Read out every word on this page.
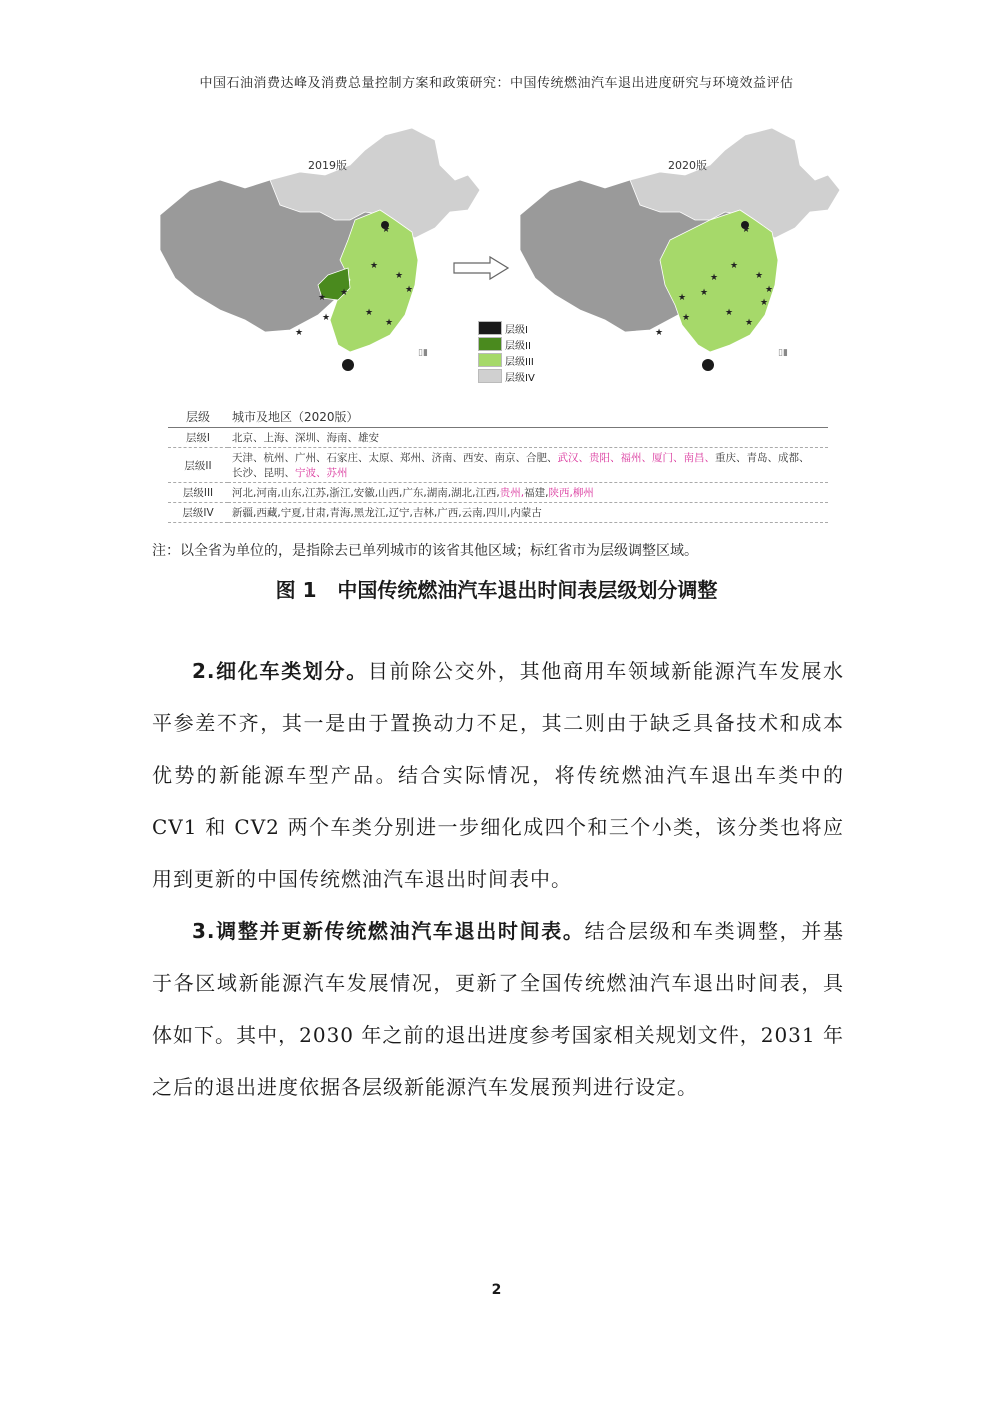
中国石油消费达峰及消费总量控制方案和政策研究：中国传统燃油汽车退出进度研究与环境效益评估
★
★
★
★
★
★
★
★
★
★
▯▮
2019版
层级I
层级II
层级III
层级IV
★
★
★
★
★
★
★
★
★
★
★
★
▯▮
2020版
层级	城市及地区（2020版）
层级I	北京、上海、深圳、海南、雄安
层级II	天津、杭州、广州、石家庄、太原、郑州、济南、西安、南京、合肥、武汉、贵阳、福州、厦门、南昌、重庆、青岛、成都、长沙、昆明、宁波、苏州
层级III	河北,河南,山东,江苏,浙江,安徽,山西,广东,湖南,湖北,江西,贵州,福建,陕西,柳州
层级IV	新疆,西藏,宁夏,甘肃,青海,黑龙江,辽宁,吉林,广西,云南,四川,内蒙古
注：以全省为单位的，是指除去已单列城市的该省其他区域；标红省市为层级调整区域。
图 1 中国传统燃油汽车退出时间表层级划分调整

2.细化车类划分。目前除公交外，其他商用车领域新能源汽车发展水平参差不齐，其一是由于置换动力不足，其二则由于缺乏具备技术和成本优势的新能源车型产品。结合实际情况，将传统燃油汽车退出车类中的 CV1 和 CV2 两个车类分别进一步细化成四个和三个小类，该分类也将应用到更新的中国传统燃油汽车退出时间表中。

3.调整并更新传统燃油汽车退出时间表。结合层级和车类调整，并基于各区域新能源汽车发展情况，更新了全国传统燃油汽车退出时间表，具体如下。其中，2030 年之前的退出进度参考国家相关规划文件，2031 年之后的退出进度依据各层级新能源汽车发展预判进行设定。

2
